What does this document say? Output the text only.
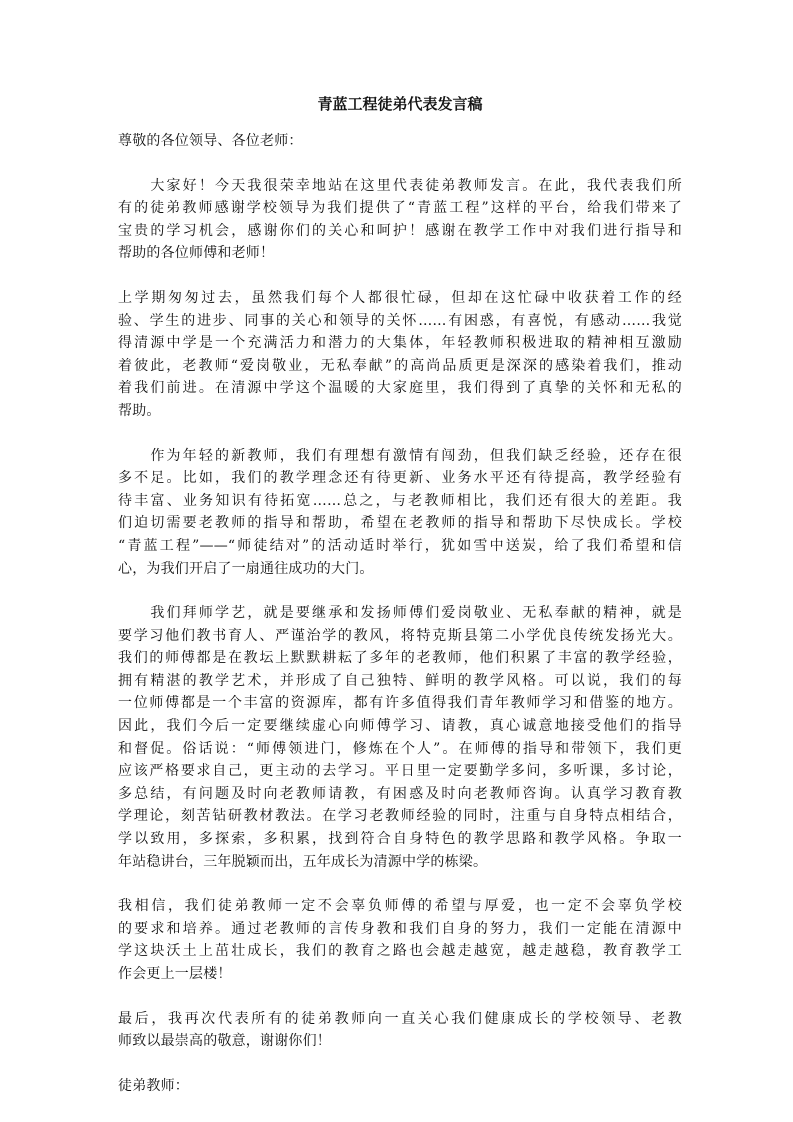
青蓝工程徒弟代表发言稿
尊敬的各位领导、各位老师：
　　大家好！今天我很荣幸地站在这里代表徒弟教师发言。在此，我代表我们所
有的徒弟教师感谢学校领导为我们提供了“青蓝工程”这样的平台，给我们带来了
宝贵的学习机会，感谢你们的关心和呵护！感谢在教学工作中对我们进行指导和
帮助的各位师傅和老师！
上学期匆匆过去，虽然我们每个人都很忙碌，但却在这忙碌中收获着工作的经
验、学生的进步、同事的关心和领导的关怀……有困惑，有喜悦，有感动……我觉
得清源中学是一个充满活力和潜力的大集体，年轻教师积极进取的精神相互激励
着彼此，老教师“爱岗敬业，无私奉献”的高尚品质更是深深的感染着我们，推动
着我们前进。在清源中学这个温暖的大家庭里，我们得到了真挚的关怀和无私的
帮助。
　　作为年轻的新教师，我们有理想有激情有闯劲，但我们缺乏经验，还存在很
多不足。比如，我们的教学理念还有待更新、业务水平还有待提高，教学经验有
待丰富、业务知识有待拓宽……总之，与老教师相比，我们还有很大的差距。我
们迫切需要老教师的指导和帮助，希望在老教师的指导和帮助下尽快成长。学校
“青蓝工程”——“师徒结对”的活动适时举行，犹如雪中送炭，给了我们希望和信
心，为我们开启了一扇通往成功的大门。
　　我们拜师学艺，就是要继承和发扬师傅们爱岗敬业、无私奉献的精神，就是
要学习他们教书育人、严谨治学的教风，将特克斯县第二小学优良传统发扬光大。
我们的师傅都是在教坛上默默耕耘了多年的老教师，他们积累了丰富的教学经验，
拥有精湛的教学艺术，并形成了自己独特、鲜明的教学风格。可以说，我们的每
一位师傅都是一个丰富的资源库，都有许多值得我们青年教师学习和借鉴的地方。
因此，我们今后一定要继续虚心向师傅学习、请教，真心诚意地接受他们的指导
和督促。俗话说：“师傅领进门，修炼在个人”。在师傅的指导和带领下，我们更
应该严格要求自己，更主动的去学习。平日里一定要勤学多问，多听课，多讨论，
多总结，有问题及时向老教师请教，有困惑及时向老教师咨询。认真学习教育教
学理论，刻苦钻研教材教法。在学习老教师经验的同时，注重与自身特点相结合，
学以致用，多探索，多积累，找到符合自身特色的教学思路和教学风格。争取一
年站稳讲台，三年脱颖而出，五年成长为清源中学的栋梁。
我相信，我们徒弟教师一定不会辜负师傅的希望与厚爱，也一定不会辜负学校
的要求和培养。通过老教师的言传身教和我们自身的努力，我们一定能在清源中
学这块沃土上茁壮成长，我们的教育之路也会越走越宽，越走越稳，教育教学工
作会更上一层楼！
最后，我再次代表所有的徒弟教师向一直关心我们健康成长的学校领导、老教
师致以最崇高的敬意，谢谢你们！
徒弟教师：
